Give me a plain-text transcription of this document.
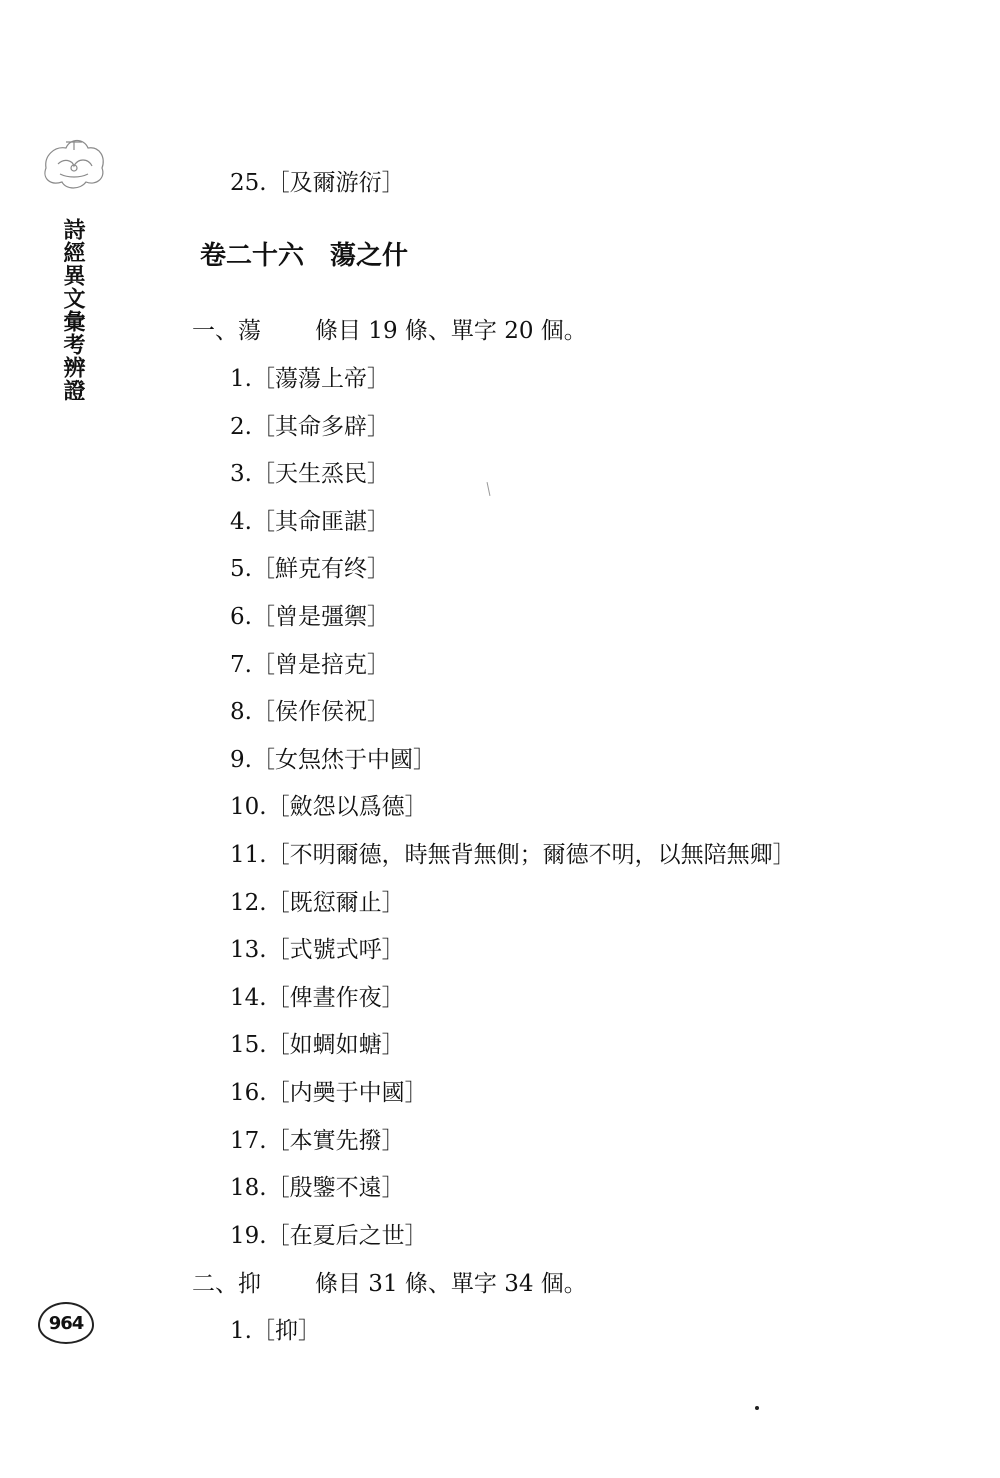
詩經異文彙考辨證
25.［及爾游衍］
卷二十六　蕩之什
一、蕩 條目 19 條、單字 20 個。
1.［蕩蕩上帝］
2.［其命多辟］
3.［天生烝民］
4.［其命匪諶］
5.［鮮克有终］
6.［曾是彊禦］
7.［曾是掊克］
8.［侯作侯祝］
9.［女炰烋于中國］
10.［斂怨以爲德］
11.［不明爾德，時無背無側；爾德不明，以無陪無卿］
12.［既愆爾止］
13.［式號式呼］
14.［俾晝作夜］
15.［如蜩如螗］
16.［内奰于中國］
17.［本實先撥］
18.［殷鑒不遠］
19.［在夏后之世］
二、抑 條目 31 條、單字 34 個。
1.［抑］
964
